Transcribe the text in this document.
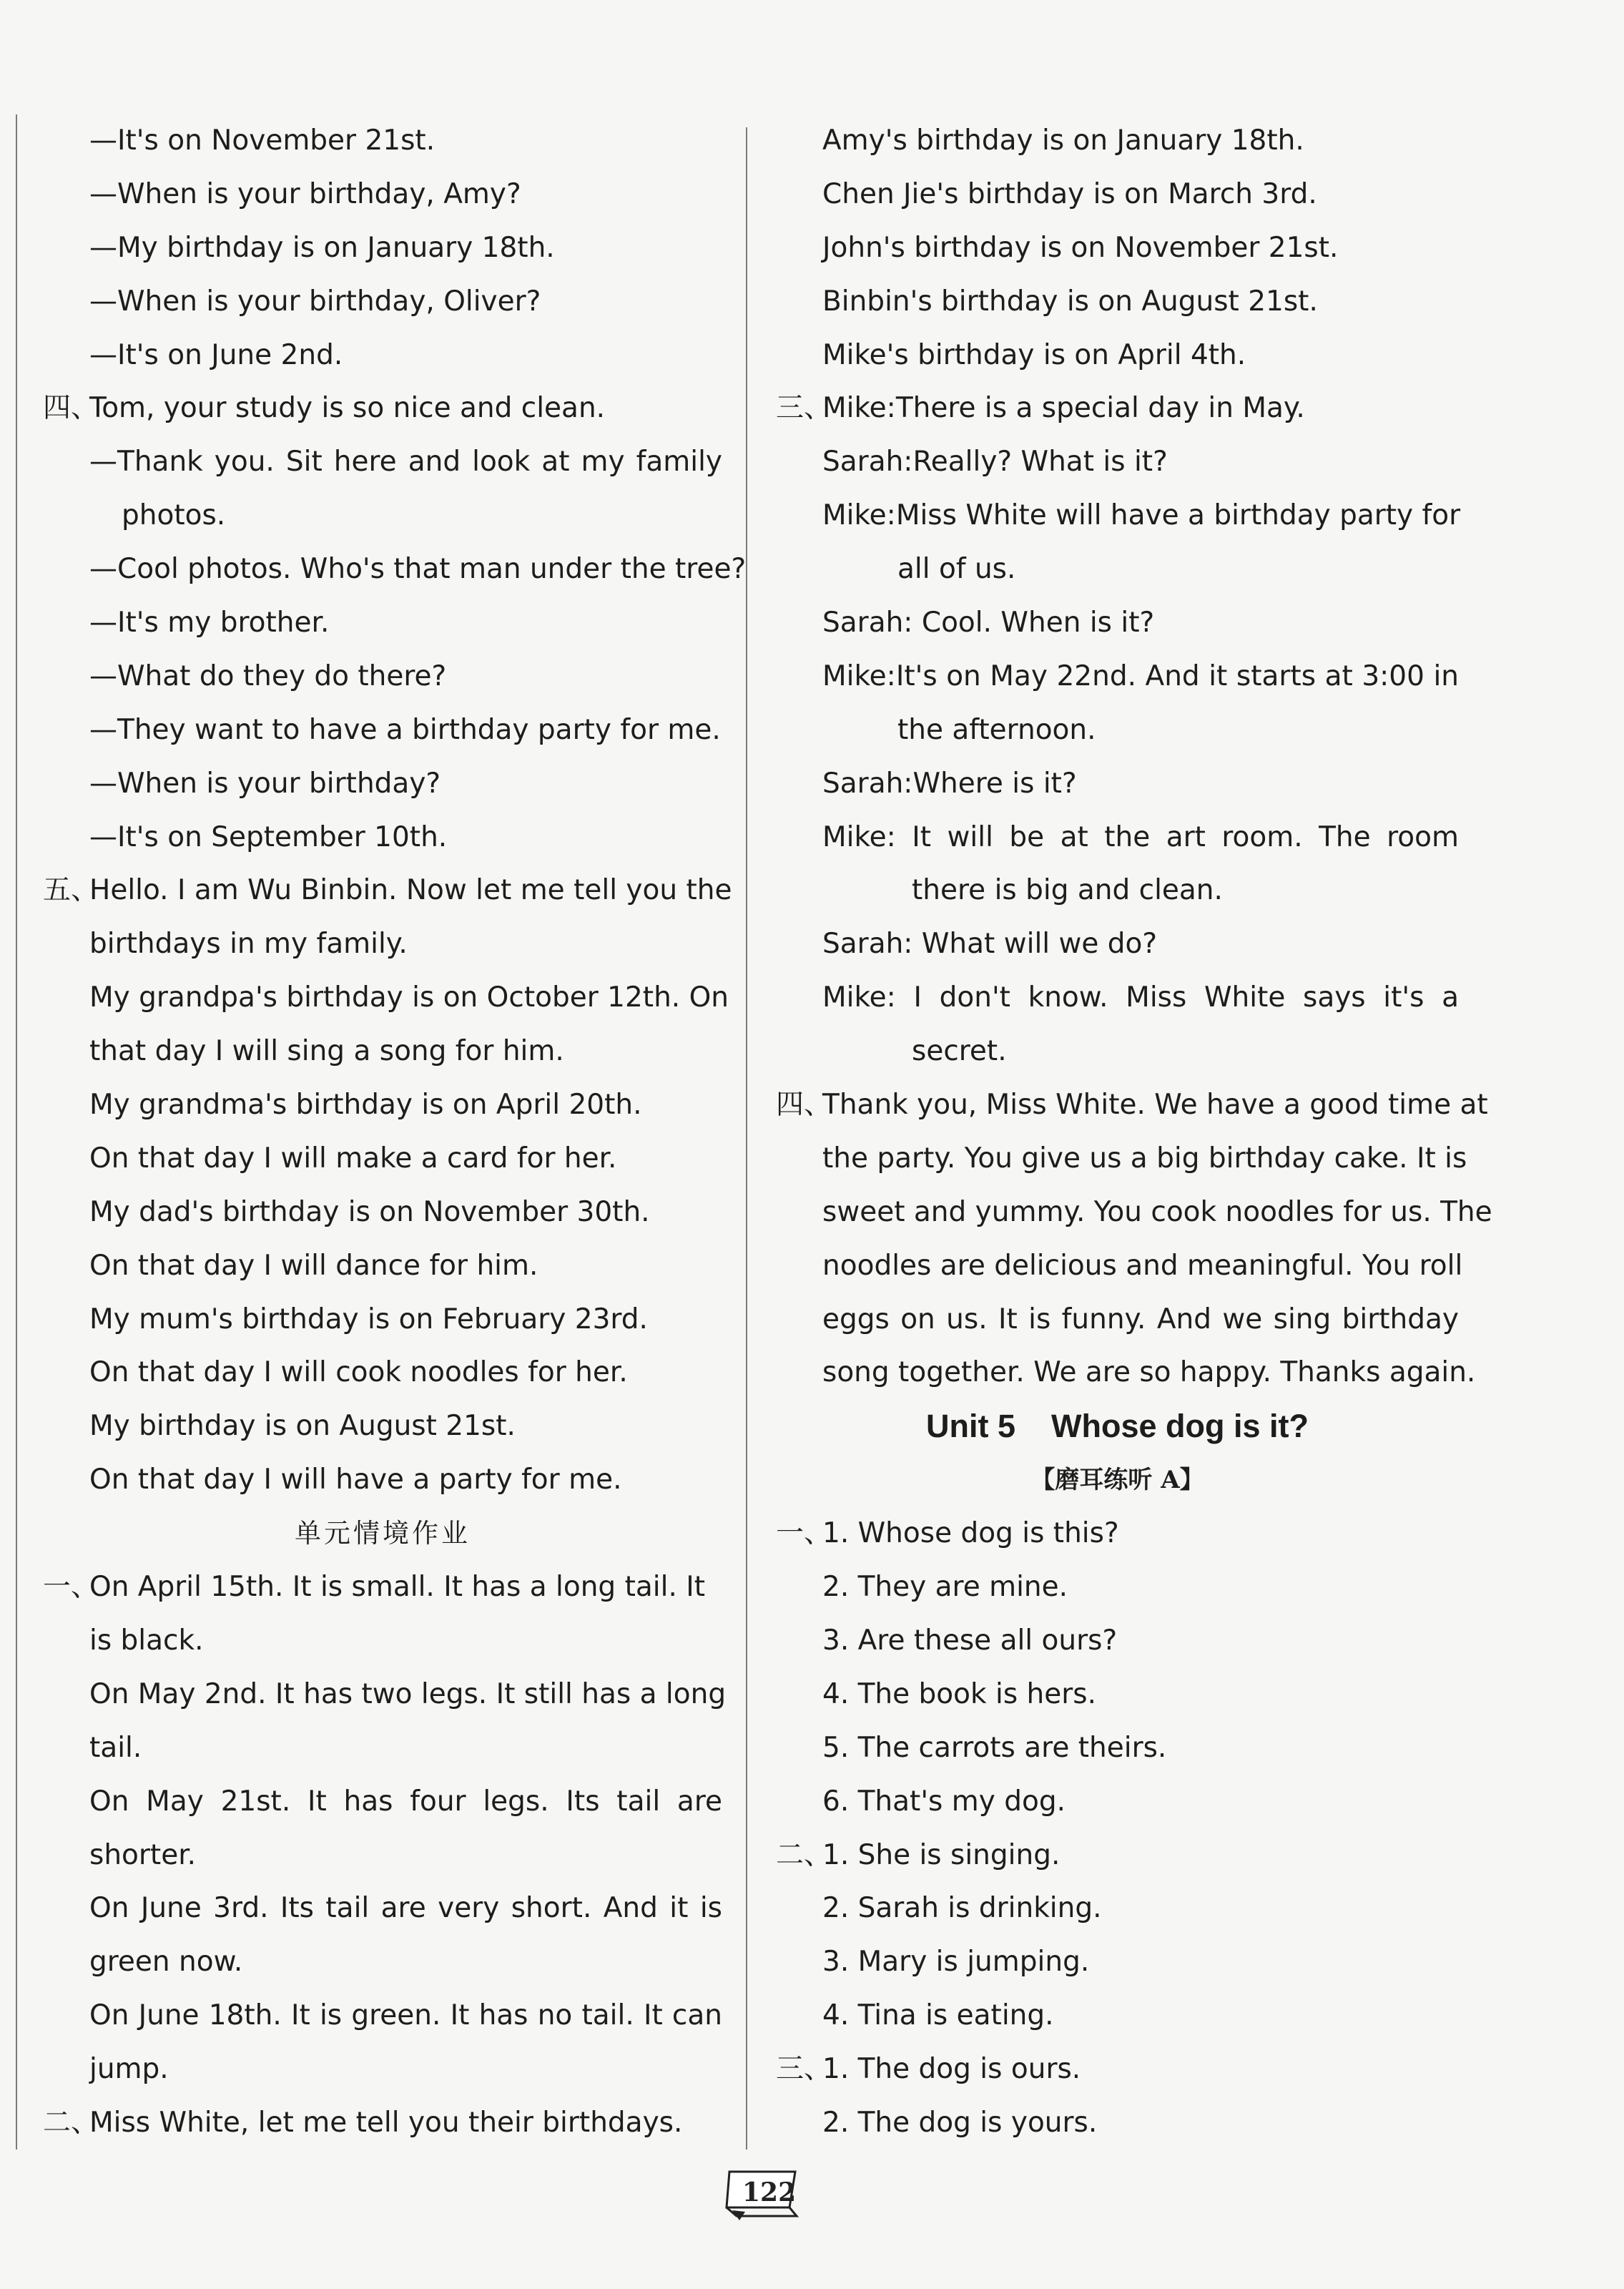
—It's on November 21st.
—When is your birthday, Amy?
—My birthday is on January 18th.
—When is your birthday, Oliver?
—It's on June 2nd.
四、Tom, your study is so nice and clean.
—Thank you. Sit here and look at my family
photos.
—Cool photos. Who's that man under the tree?
—It's my brother.
—What do they do there?
—They want to have a birthday party for me.
—When is your birthday?
—It's on September 10th.
五、Hello. I am Wu Binbin. Now let me tell you the
birthdays in my family.
My grandpa's birthday is on October 12th. On
that day I will sing a song for him.
My grandma's birthday is on April 20th.
On that day I will make a card for her.
My dad's birthday is on November 30th.
On that day I will dance for him.
My mum's birthday is on February 23rd.
On that day I will cook noodles for her.
My birthday is on August 21st.
On that day I will have a party for me.
单元情境作业
一、On April 15th. It is small. It has a long tail. It
is black.
On May 2nd. It has two legs. It still has a long
tail.
On May 21st. It has four legs. Its tail are
shorter.
On June 3rd. Its tail are very short. And it is
green now.
On June 18th. It is green. It has no tail. It can
jump.
二、Miss White, let me tell you their birthdays.
Amy's birthday is on January 18th.
Chen Jie's birthday is on March 3rd.
John's birthday is on November 21st.
Binbin's birthday is on August 21st.
Mike's birthday is on April 4th.
三、Mike:There is a special day in May.
Sarah:Really? What is it?
Mike:Miss White will have a birthday party for
all of us.
Sarah: Cool. When is it?
Mike:It's on May 22nd. And it starts at 3:00 in
the afternoon.
Sarah:Where is it?
Mike: It will be at the art room. The room
there is big and clean.
Sarah: What will we do?
Mike: I don't know. Miss White says it's a
secret.
四、Thank you, Miss White. We have a good time at
the party. You give us a big birthday cake. It is
sweet and yummy. You cook noodles for us. The
noodles are delicious and meaningful. You roll
eggs on us. It is funny. And we sing birthday
song together. We are so happy. Thanks again.
Unit 5    Whose dog is it?
【磨耳练听 A】
一、1. Whose dog is this?
2. They are mine.
3. Are these all ours?
4. The book is hers.
5. The carrots are theirs.
6. That's my dog.
二、1. She is singing.
2. Sarah is drinking.
3. Mary is jumping.
4. Tina is eating.
三、1. The dog is ours.
2. The dog is yours.
122
